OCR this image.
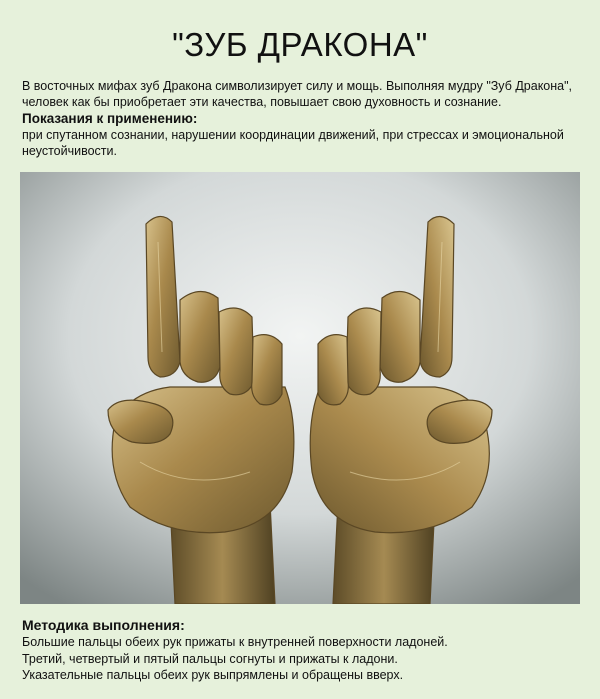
"ЗУБ ДРАКОНА"
В восточных мифах зуб Дракона символизирует силу и мощь. Выполняя мудру "Зуб Дракона", человек как бы приобретает эти качества, повышает свою духовность и сознание.
Показания к применению:
при спутанном сознании, нарушении координации движений, при стрессах и эмоциональной неустойчивости.
Методика выполнения:
Большие пальцы обеих рук прижаты к внутренней поверхности ладоней.
Третий, четвертый и пятый пальцы согнуты и прижаты к ладони.
Указательные пальцы обеих рук выпрямлены и обращены вверх.
